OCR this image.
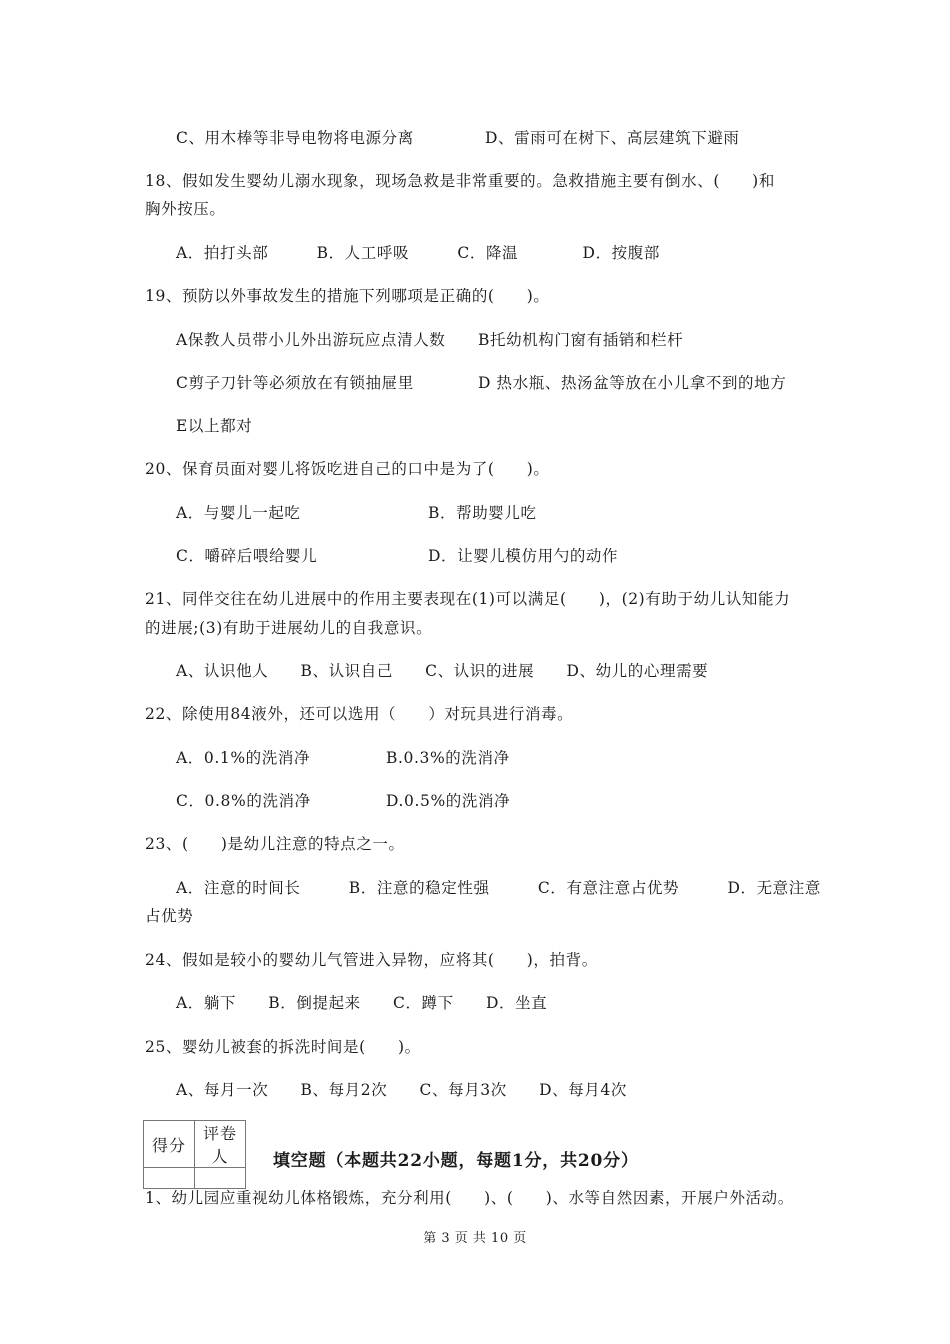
C、用木棒等非导电物将电源分离	D、雷雨可在树下、高层建筑下避雨
18、假如发生婴幼儿溺水现象，现场急救是非常重要的。急救措施主要有倒水、(　　)和
胸外按压。
A．拍打头部　　　B．人工呼吸　　　C．降温　　　　D．按腹部
19、预防以外事故发生的措施下列哪项是正确的(　　)。
A保教人员带小儿外出游玩应点清人数 B托幼机构门窗有插销和栏杆
C剪子刀针等必须放在有锁抽屉里	D 热水瓶、热汤盆等放在小儿拿不到的地方
E以上都对
20、保育员面对婴儿将饭吃进自己的口中是为了(　　)。
A．与婴儿一起吃	B．帮助婴儿吃
C．嚼碎后喂给婴儿	D．让婴儿模仿用勺的动作
21、同伴交往在幼儿进展中的作用主要表现在(1)可以满足(　　)，(2)有助于幼儿认知能力
的进展;(3)有助于进展幼儿的自我意识。
A、认识他人　　B、认识自己　　C、认识的进展　　D、幼儿的心理需要
22、除使用84液外，还可以选用（　　）对玩具进行消毒。
A．0.1%的洗消净	B.0.3%的洗消净
C．0.8%的洗消净	D.0.5%的洗消净
23、(　　)是幼儿注意的特点之一。
A．注意的时间长　　　B．注意的稳定性强　　　C．有意注意占优势　　　D．无意注意
占优势
24、假如是较小的婴幼儿气管进入异物，应将其(　　)，拍背。
A．躺下　　B．倒提起来　　C．蹲下　　D．坐直
25、婴幼儿被套的拆洗时间是(　　)。
A、每月一次　　B、每月2次　　C、每月3次　　D、每月4次
得分	评卷人
		填空题（本题共22小题，每题1分，共20分）
1、幼儿园应重视幼儿体格锻炼，充分利用(　　)、(　　)、水等自然因素，开展户外活动。
第 3 页 共 10 页
